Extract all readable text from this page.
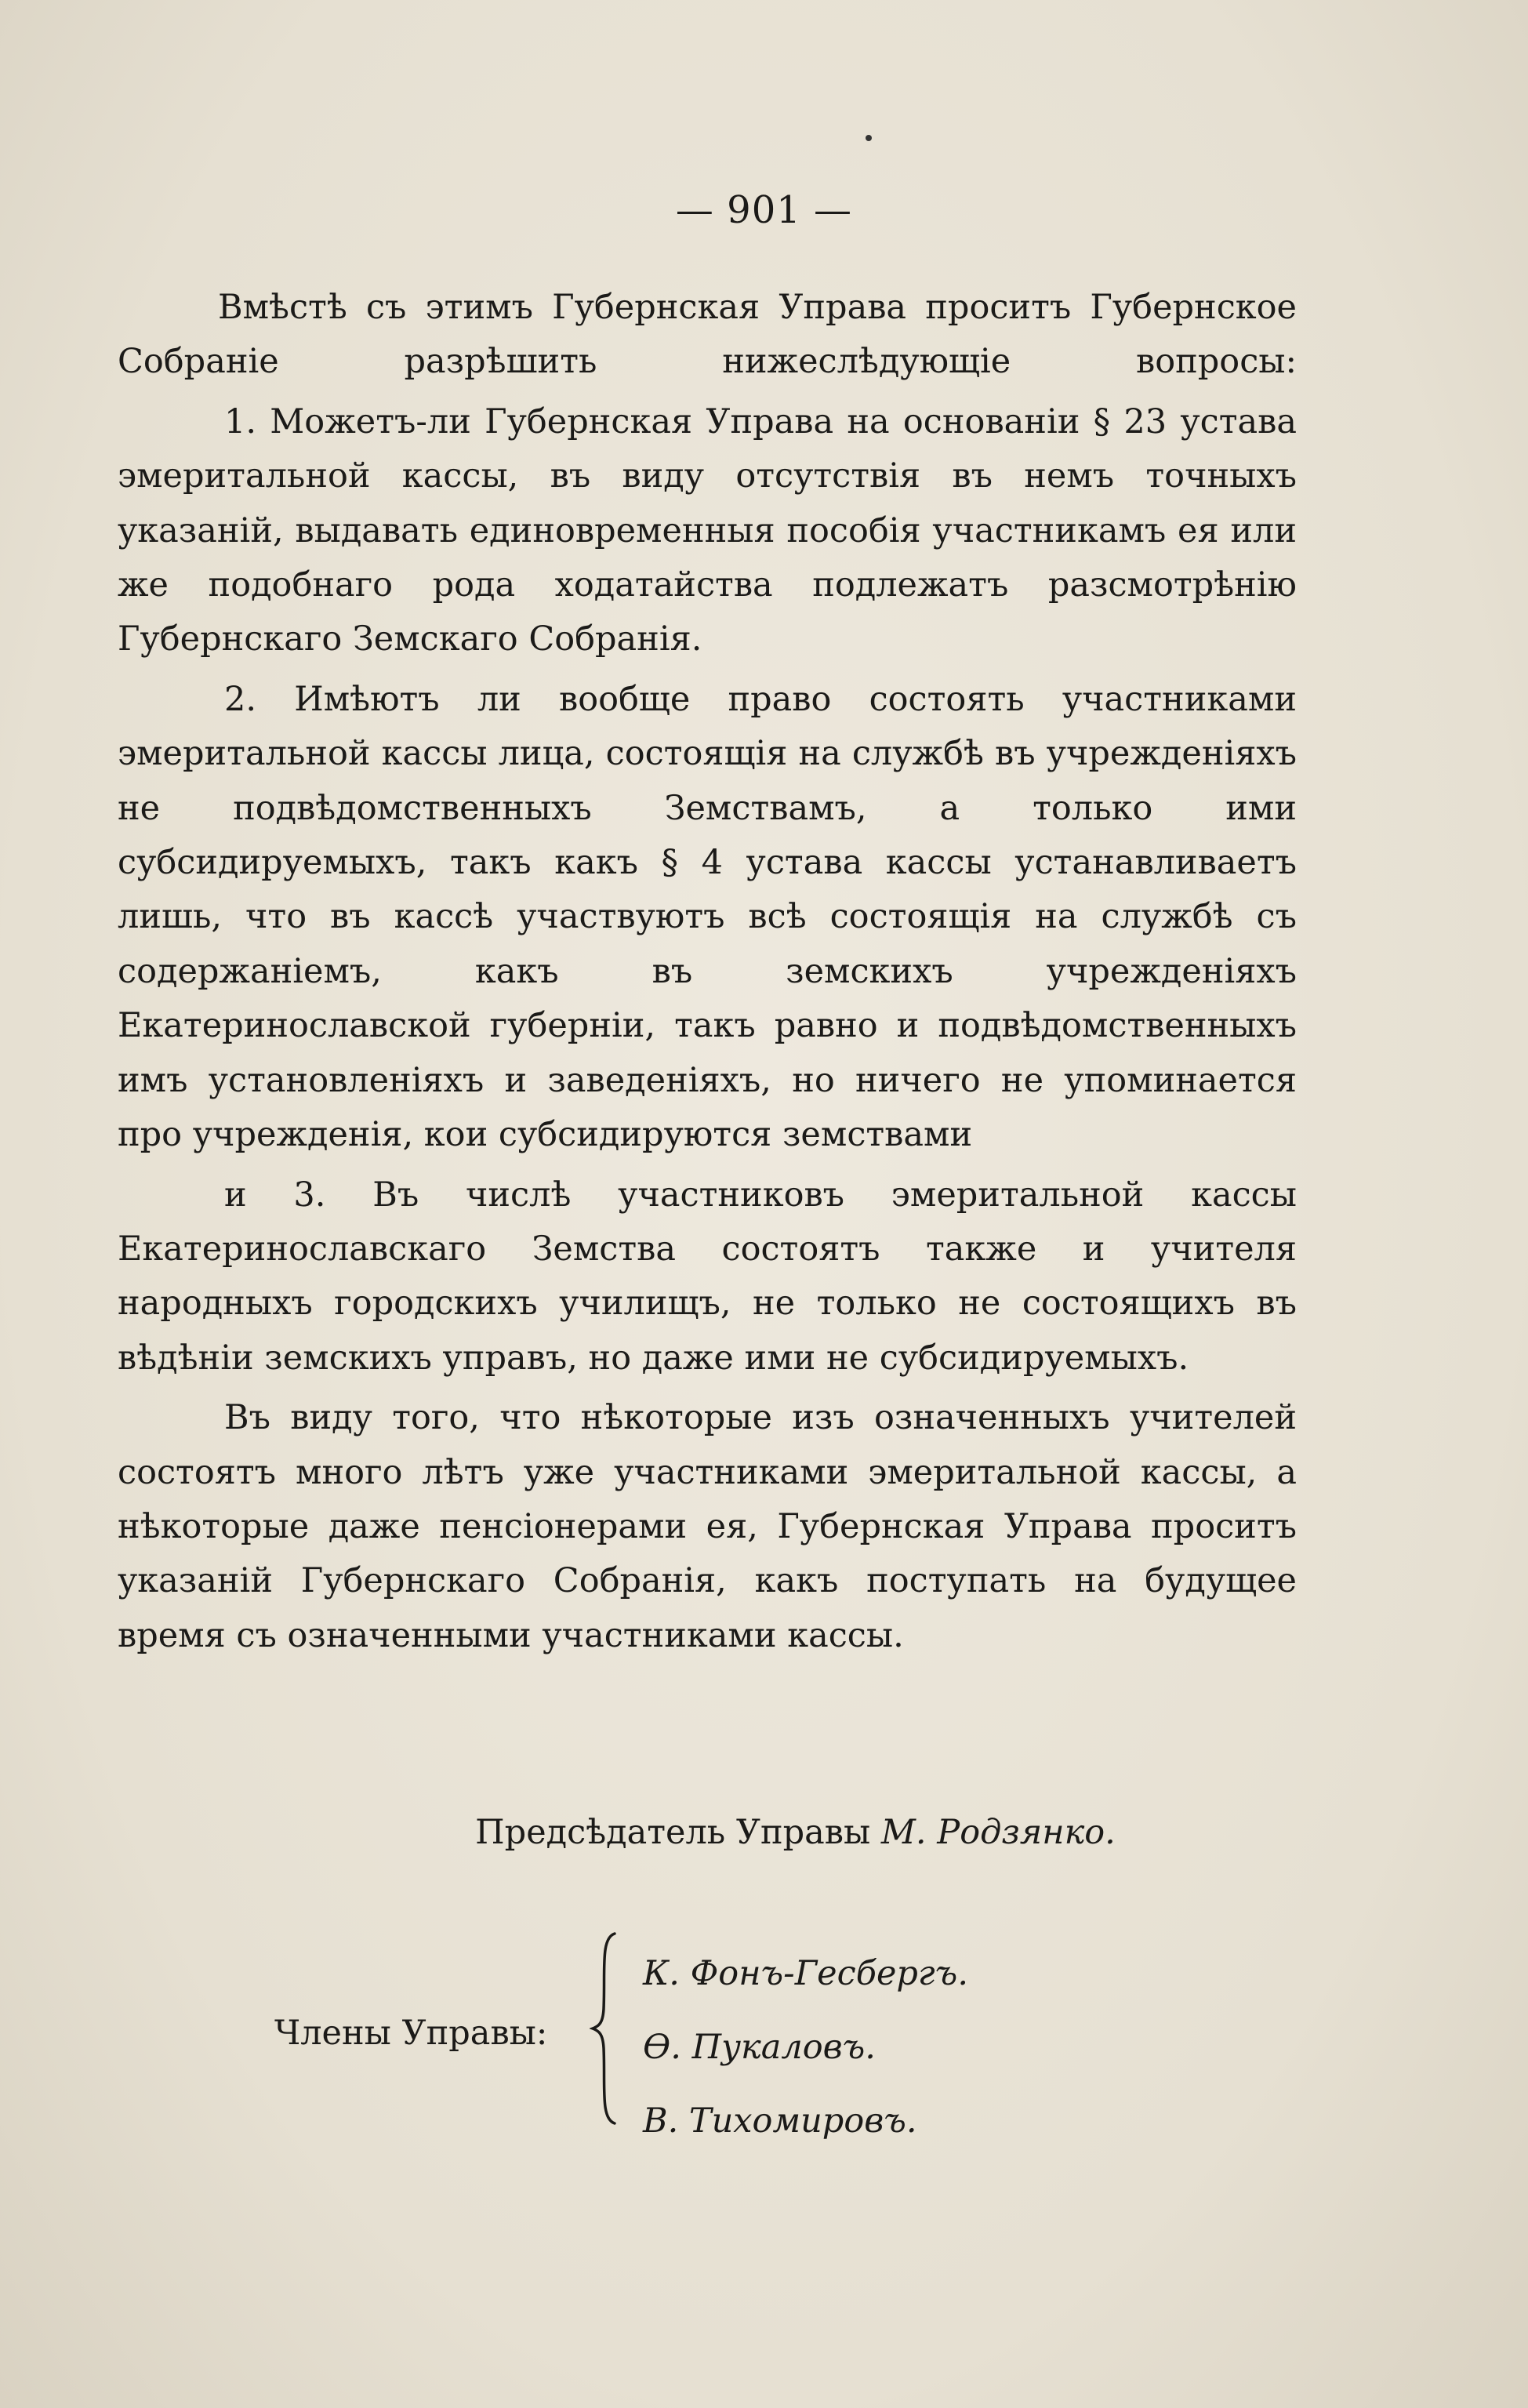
— 901 —

Вмѣстѣ съ этимъ Губернская Управа проситъ Губернское Собраніе разрѣшить нижеслѣдующіе вопросы:

1. Можетъ-ли Губернская Управа на основаніи § 23 устава эмеритальной кассы, въ виду отсутствія въ немъ точныхъ указаній, выдавать единовременныя пособія участникамъ ея или же подобнаго рода ходатайства подлежатъ разсмотрѣнію Губернскаго Земскаго Собранія.

2. Имѣютъ ли вообще право состоять участниками эмеритальной кассы лица, состоящія на службѣ въ учрежденіяхъ не подвѣдомственныхъ Земствамъ, а только ими субсидируемыхъ, такъ какъ § 4 устава кассы устанавливаетъ лишь, что въ кассѣ участвуютъ всѣ состоящія на службѣ съ содержаніемъ, какъ въ земскихъ учрежденіяхъ Екатеринославской губерніи, такъ равно и подвѣдомственныхъ имъ установленіяхъ и заведеніяхъ, но ничего не упоминается про учрежденія, кои субсидируются земствами

и 3. Въ числѣ участниковъ эмеритальной кассы Екатеринославскаго Земства состоятъ также и учителя народныхъ городскихъ училищъ, не только не состоящихъ въ вѣдѣніи земскихъ управъ, но даже ими не субсидируемыхъ.

Въ виду того, что нѣкоторые изъ означенныхъ учителей состоятъ много лѣтъ уже участниками эмеритальной кассы, а нѣкоторые даже пенсіонерами ея, Губернская Управа проситъ указаній Губернскаго Собранія, какъ поступать на будущее время съ означенными участниками кассы.

Предсѣдатель Управы М. Родзянко.
Члены Управы:
К. Фонъ-Гесбергъ.
Ѳ. Пукаловъ.
В. Тихомировъ.
